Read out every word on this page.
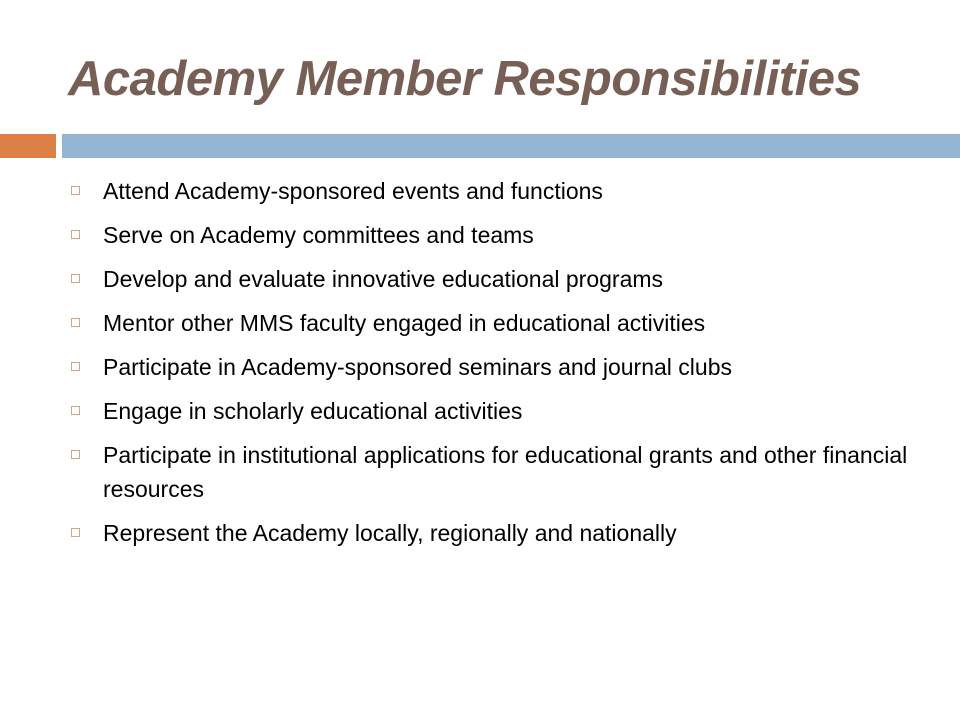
Academy Member Responsibilities
Attend Academy-sponsored events and functions
Serve on Academy committees and teams
Develop and evaluate innovative educational programs
Mentor other MMS faculty engaged in educational activities
Participate in Academy-sponsored seminars and journal clubs
Engage in scholarly educational activities
Participate in institutional applications for educational grants and other financial resources
Represent the Academy locally, regionally and nationally
